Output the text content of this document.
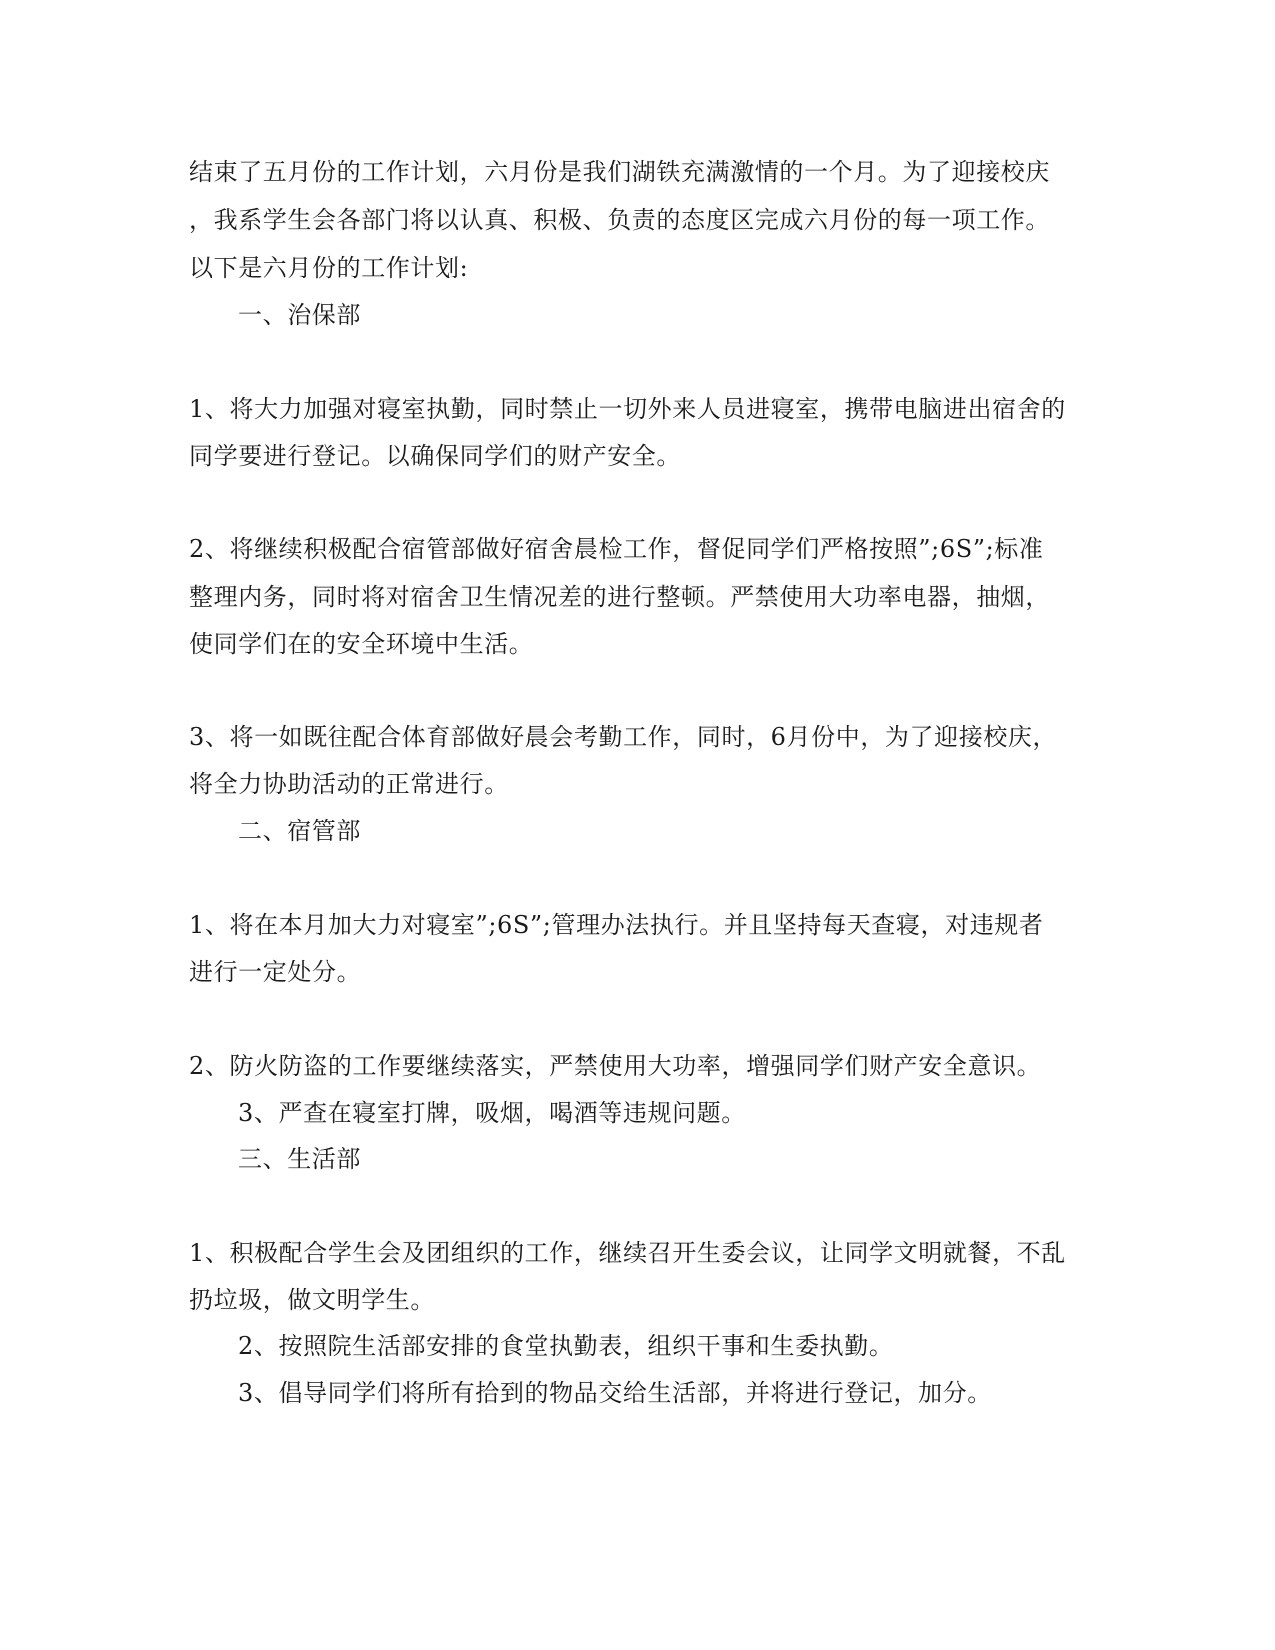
结束了五月份的工作计划，六月份是我们湖铁充满激情的一个月。为了迎接校庆
，我系学生会各部门将以认真、积极、负责的态度区完成六月份的每一项工作。
以下是六月份的工作计划:
一、治保部
1、将大力加强对寝室执勤，同时禁止一切外来人员进寝室，携带电脑进出宿舍的
同学要进行登记。以确保同学们的财产安全。
2、将继续积极配合宿管部做好宿舍晨检工作，督促同学们严格按照”;6S”;标准
整理内务，同时将对宿舍卫生情况差的进行整顿。严禁使用大功率电器，抽烟，
使同学们在的安全环境中生活。
3、将一如既往配合体育部做好晨会考勤工作，同时，6月份中，为了迎接校庆，
将全力协助活动的正常进行。
二、宿管部
1、将在本月加大力对寝室”;6S”;管理办法执行。并且坚持每天查寝，对违规者
进行一定处分。
2、防火防盗的工作要继续落实，严禁使用大功率，增强同学们财产安全意识。
3、严查在寝室打牌，吸烟，喝酒等违规问题。
三、生活部
1、积极配合学生会及团组织的工作，继续召开生委会议，让同学文明就餐，不乱
扔垃圾，做文明学生。
2、按照院生活部安排的食堂执勤表，组织干事和生委执勤。
3、倡导同学们将所有拾到的物品交给生活部，并将进行登记，加分。
